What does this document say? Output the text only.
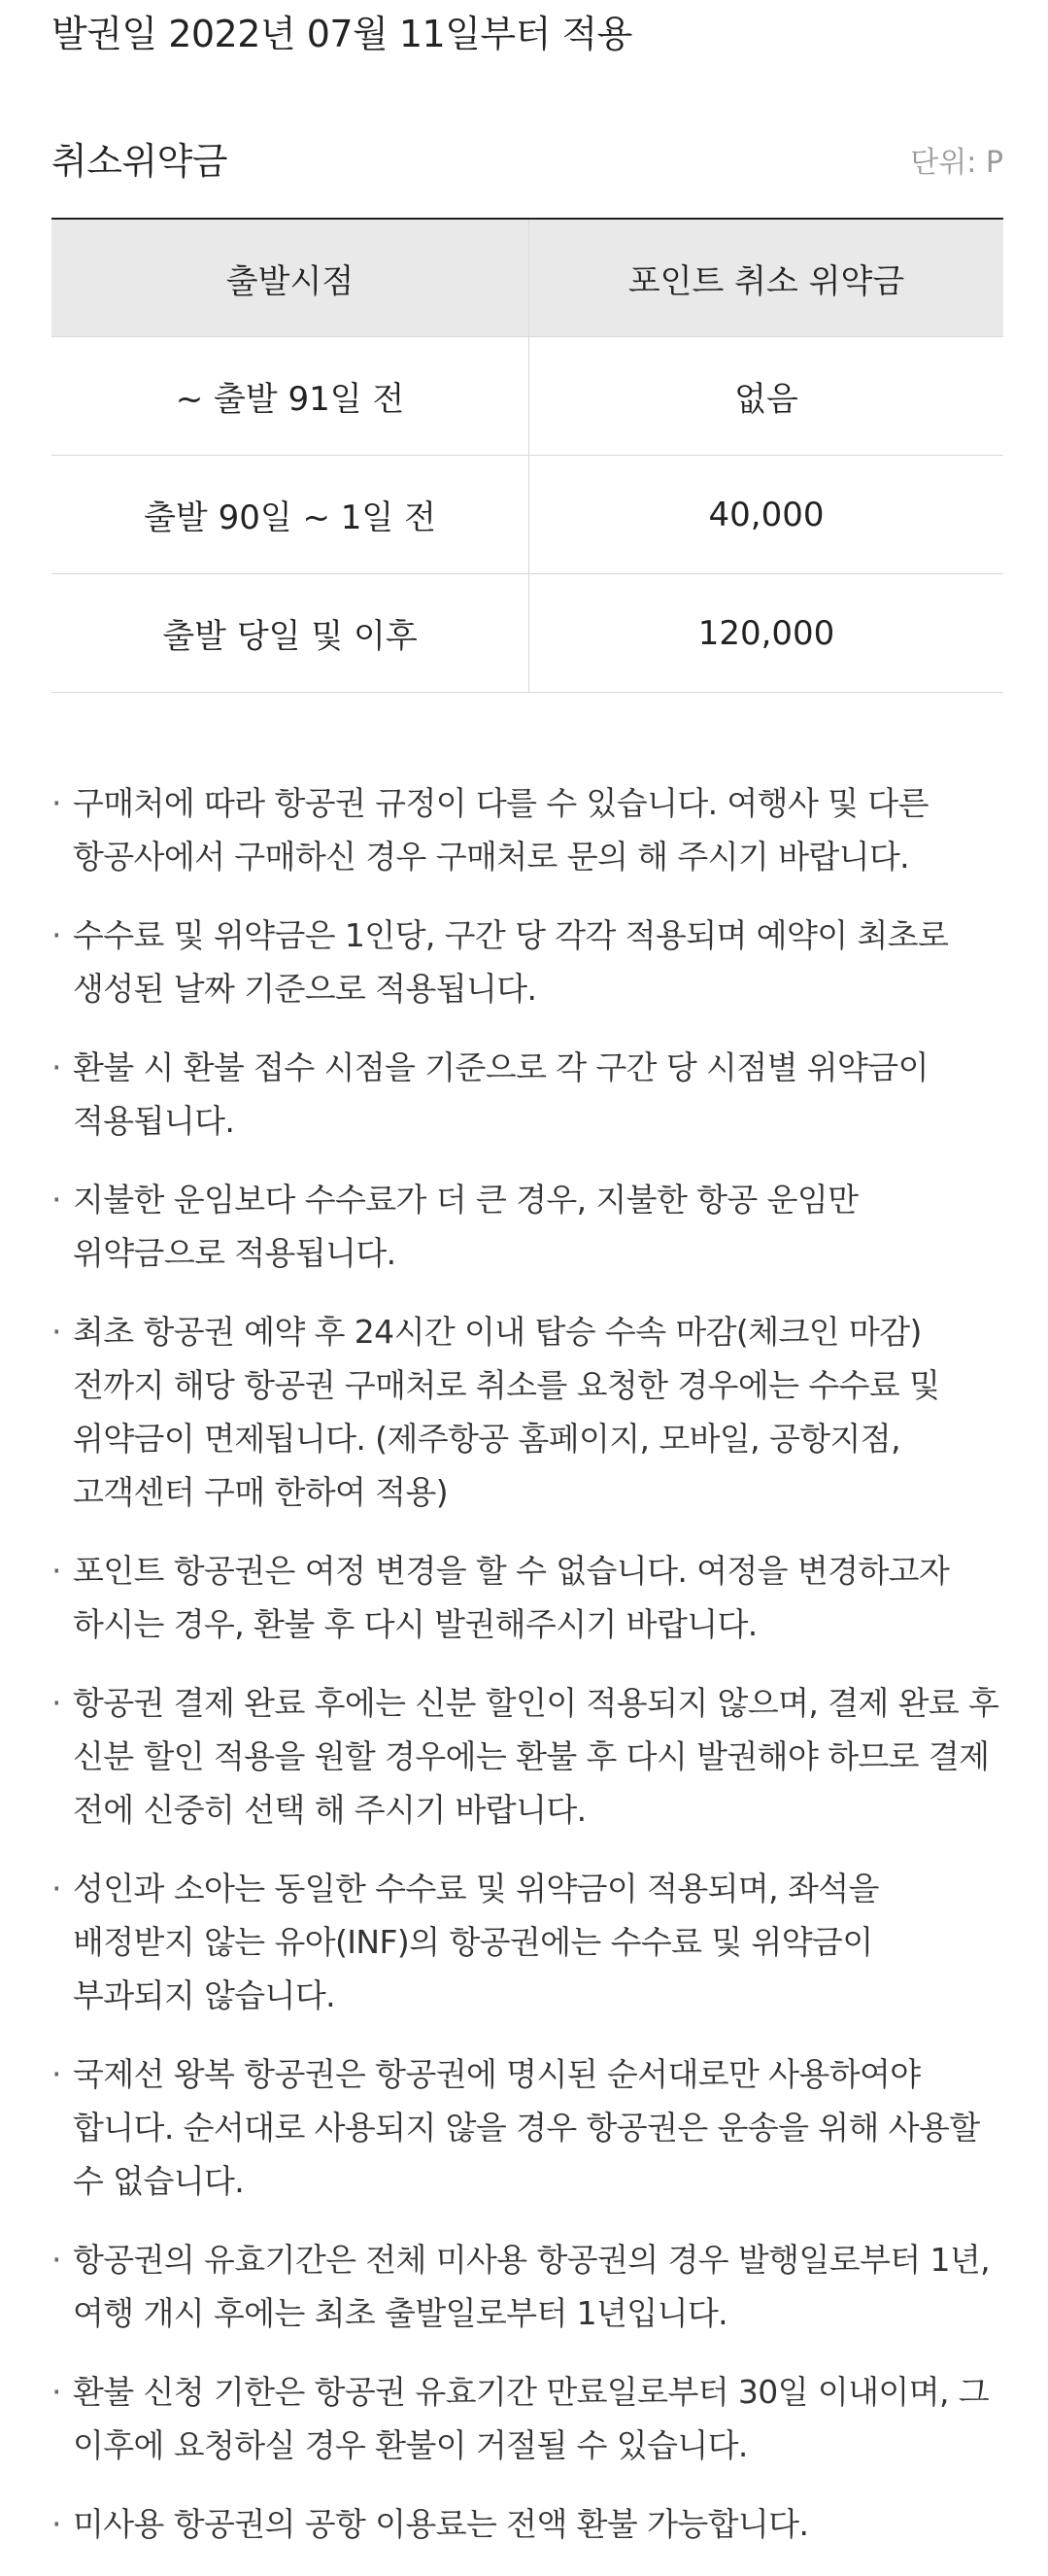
발권일 2022년 07월 11일부터 적용
취소위약금	단위: P
출발시점	포인트 취소 위약금
~ 출발 91일 전	없음
출발 90일 ~ 1일 전	40,000
출발 당일 및 이후	120,000
· 구매처에 따라 항공권 규정이 다를 수 있습니다. 여행사 및 다른 항공사에서 구매하신 경우 구매처로 문의 해 주시기 바랍니다.
· 수수료 및 위약금은 1인당, 구간 당 각각 적용되며 예약이 최초로 생성된 날짜 기준으로 적용됩니다.
· 환불 시 환불 접수 시점을 기준으로 각 구간 당 시점별 위약금이 적용됩니다.
· 지불한 운임보다 수수료가 더 큰 경우, 지불한 항공 운임만 위약금으로 적용됩니다.
· 최초 항공권 예약 후 24시간 이내 탑승 수속 마감(체크인 마감) 전까지 해당 항공권 구매처로 취소를 요청한 경우에는 수수료 및 위약금이 면제됩니다. (제주항공 홈페이지, 모바일, 공항지점, 고객센터 구매 한하여 적용)
· 포인트 항공권은 여정 변경을 할 수 없습니다. 여정을 변경하고자 하시는 경우, 환불 후 다시 발권해주시기 바랍니다.
· 항공권 결제 완료 후에는 신분 할인이 적용되지 않으며, 결제 완료 후 신분 할인 적용을 원할 경우에는 환불 후 다시 발권해야 하므로 결제 전에 신중히 선택 해 주시기 바랍니다.
· 성인과 소아는 동일한 수수료 및 위약금이 적용되며, 좌석을 배정받지 않는 유아(INF)의 항공권에는 수수료 및 위약금이 부과되지 않습니다.
· 국제선 왕복 항공권은 항공권에 명시된 순서대로만 사용하여야 합니다. 순서대로 사용되지 않을 경우 항공권은 운송을 위해 사용할 수 없습니다.
· 항공권의 유효기간은 전체 미사용 항공권의 경우 발행일로부터 1년, 여행 개시 후에는 최초 출발일로부터 1년입니다.
· 환불 신청 기한은 항공권 유효기간 만료일로부터 30일 이내이며, 그 이후에 요청하실 경우 환불이 거절될 수 있습니다.
· 미사용 항공권의 공항 이용료는 전액 환불 가능합니다.
